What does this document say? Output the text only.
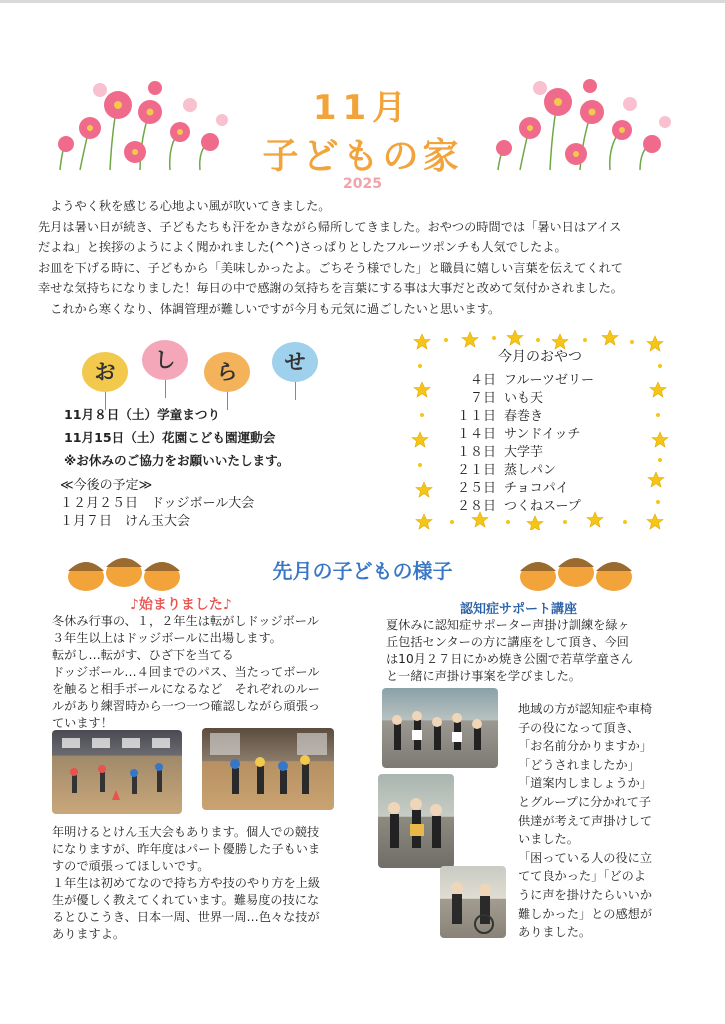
11月
子どもの家
2025
　ようやく秋を感じる心地よい風が吹いてきました。
先月は暑い日が続き、子どもたちも汗をかきながら帰所してきました。おやつの時間では「暑い日はアイス
だよね」と挨拶のようによく聞かれました(^^)さっぱりとしたフルーツポンチも人気でしたよ。
お皿を下げる時に、子どもから「美味しかったよ。ごちそう様でした」と職員に嬉しい言葉を伝えてくれて
幸せな気持ちになりました！毎日の中で感謝の気持ちを言葉にする事は大事だと改めて気付かされました。
　これから寒くなり、体調管理が難しいですが今月も元気に過ごしたいと思います。
お	し	ら	せ
11月８日（土）学童まつり
11月15日（土）花園こども園運動会
※お休みのご協力をお願いいたします。
≪今後の予定≫
１２月２５日　ドッジボール大会
１月７日　けん玉大会
今月のおやつ
４日 フルーツゼリー
７日 いも天
１１日 春巻き
１４日 サンドイッチ
１８日 大学芋
２１日 蒸しパン
２５日 チョコパイ
２８日 つくねスープ
先月の子どもの様子
♪始まりました♪
冬休み行事の、１，２年生は転がしドッジボール
３年生以上はドッジボールに出場します。
転がし…転がす、ひざ下を当てる
ドッジボール…４回までのパス、当たってボール
を触ると相手ボールになるなど　それぞれのルー
ルがあり練習時から一つ一つ確認しながら頑張っ
ています！
年明けるとけん玉大会もあります。個人での競技
になりますが、昨年度はパート優勝した子もいま
すので頑張ってほしいです。
１年生は初めてなので持ち方や技のやり方を上級
生が優しく教えてくれています。難易度の技にな
るとひこうき、日本一周、世界一周…色々な技が
ありますよ。
認知症サポート講座
夏休みに認知症サポーター声掛け訓練を緑ヶ
丘包括センターの方に講座をして頂き、今回
は10月２７日にかめ焼き公園で若草学童さん
と一緒に声掛け事案を学びました。
地域の方が認知症や車椅
子の役になって頂き、
「お名前分かりますか」
「どうされましたか」
「道案内しましょうか」
とグループに分かれて子
供達が考えて声掛けして
いました。
「困っている人の役に立
てて良かった」「どのよ
うに声を掛けたらいいか
難しかった」との感想が
ありました。
